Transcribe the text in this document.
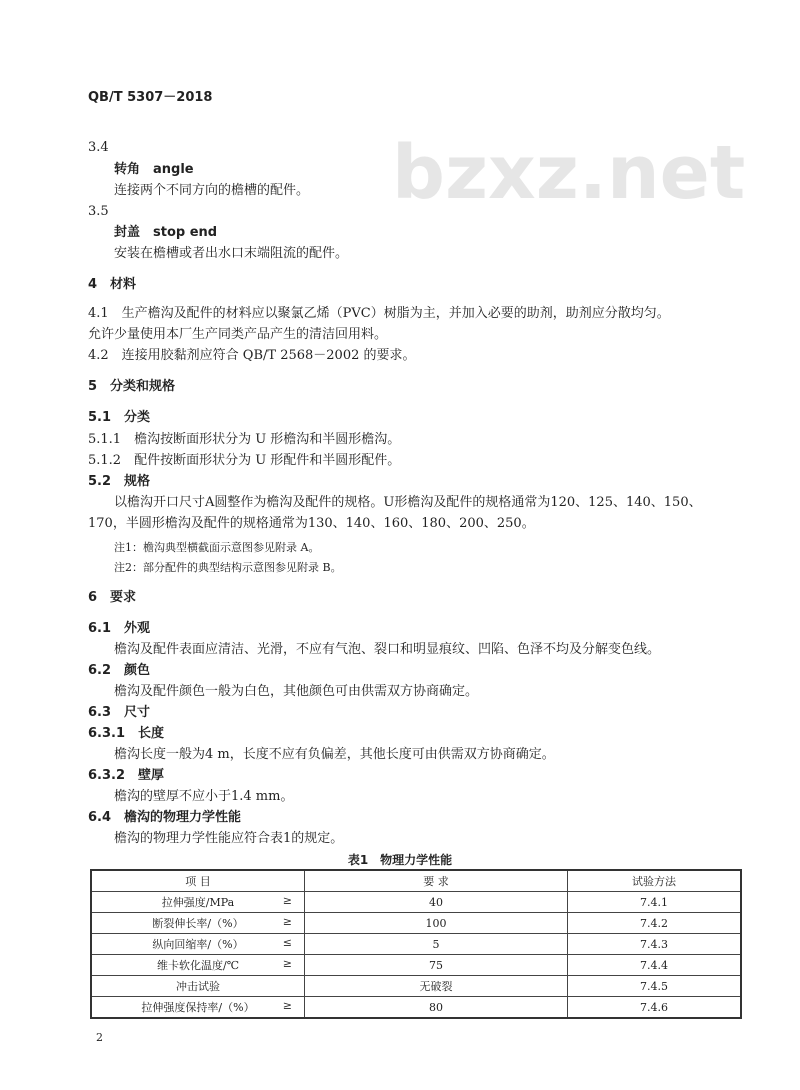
bzxz.net
QB/T 5307－2018
3.4
转角　angle
连接两个不同方向的檐槽的配件。
3.5
封盖　stop end
安装在檐槽或者出水口末端阻流的配件。
4　材料
4.1　生产檐沟及配件的材料应以聚氯乙烯（PVC）树脂为主，并加入必要的助剂，助剂应分散均匀。
允许少量使用本厂生产同类产品产生的清洁回用料。
4.2　连接用胶黏剂应符合 QB/T 2568－2002 的要求。
5　分类和规格
5.1　分类
5.1.1　檐沟按断面形状分为 U 形檐沟和半圆形檐沟。
5.1.2　配件按断面形状分为 U 形配件和半圆形配件。
5.2　规格
以檐沟开口尺寸A圆整作为檐沟及配件的规格。U形檐沟及配件的规格通常为120、125、140、150、
170，半圆形檐沟及配件的规格通常为130、140、160、180、200、250。
注1：檐沟典型横截面示意图参见附录 A。
注2：部分配件的典型结构示意图参见附录 B。
6　要求
6.1　外观
檐沟及配件表面应清洁、光滑，不应有气泡、裂口和明显痕纹、凹陷、色泽不均及分解变色线。
6.2　颜色
檐沟及配件颜色一般为白色，其他颜色可由供需双方协商确定。
6.3　尺寸
6.3.1　长度
檐沟长度一般为4 m，长度不应有负偏差，其他长度可由供需双方协商确定。
6.3.2　壁厚
檐沟的壁厚不应小于1.4 mm。
6.4　檐沟的物理力学性能
檐沟的物理力学性能应符合表1的规定。
表1　物理力学性能
项 目	要 求	试验方法
拉伸强度/MPa ≥	40	7.4.1
断裂伸长率/（%） ≥	100	7.4.2
纵向回缩率/（%） ≤	5	7.4.3
维卡软化温度/℃ ≥	75	7.4.4
冲击试验	无破裂	7.4.5
拉伸强度保持率/（%） ≥	80	7.4.6
2
